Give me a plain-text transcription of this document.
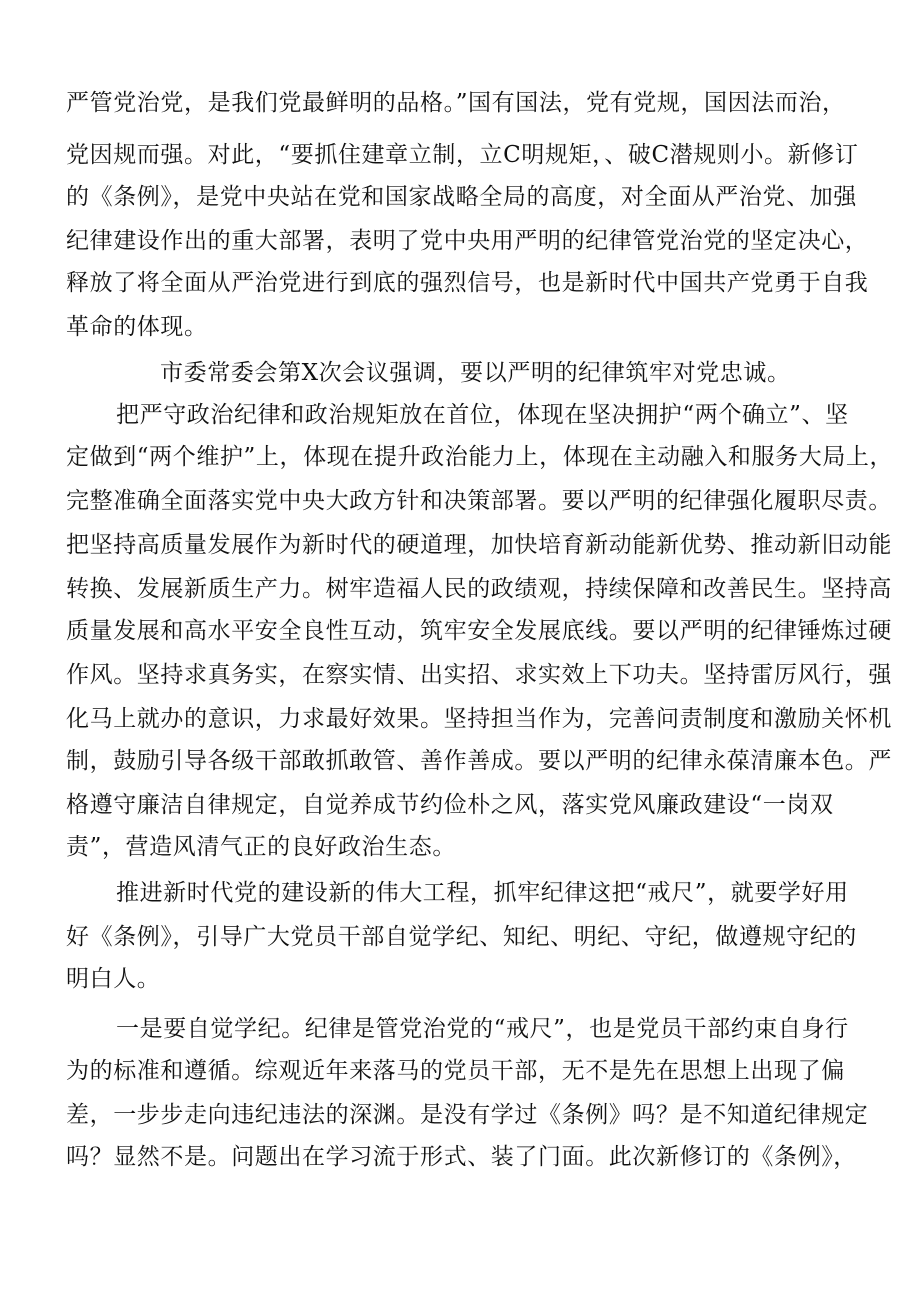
严管党治党，是我们党最鲜明的品格。”国有国法，党有党规，国因法而治，
党因规而强。对此，“要抓住建章立制，立C明规矩，、破C潜规则小。新修订
的《条例》，是党中央站在党和国家战略全局的高度，对全面从严治党、加强
纪律建设作出的重大部署，表明了党中央用严明的纪律管党治党的坚定决心，
释放了将全面从严治党进行到底的强烈信号，也是新时代中国共产党勇于自我
革命的体现。
市委常委会第X次会议强调，要以严明的纪律筑牢对党忠诚。
把严守政治纪律和政治规矩放在首位，体现在坚决拥护“两个确立”、坚
定做到“两个维护”上，体现在提升政治能力上，体现在主动融入和服务大局上，
完整准确全面落实党中央大政方针和决策部署。要以严明的纪律强化履职尽责。
把坚持高质量发展作为新时代的硬道理，加快培育新动能新优势、推动新旧动能
转换、发展新质生产力。树牢造福人民的政绩观，持续保障和改善民生。坚持高
质量发展和高水平安全良性互动，筑牢安全发展底线。要以严明的纪律锤炼过硬
作风。坚持求真务实，在察实情、出实招、求实效上下功夫。坚持雷厉风行，强
化马上就办的意识，力求最好效果。坚持担当作为，完善问责制度和激励关怀机
制，鼓励引导各级干部敢抓敢管、善作善成。要以严明的纪律永葆清廉本色。严
格遵守廉洁自律规定，自觉养成节约俭朴之风，落实党风廉政建设“一岗双
责”，营造风清气正的良好政治生态。
推进新时代党的建设新的伟大工程，抓牢纪律这把“戒尺”，就要学好用
好《条例》，引导广大党员干部自觉学纪、知纪、明纪、守纪，做遵规守纪的
明白人。
一是要自觉学纪。纪律是管党治党的“戒尺”，也是党员干部约束自身行
为的标准和遵循。综观近年来落马的党员干部，无不是先在思想上出现了偏
差，一步步走向违纪违法的深渊。是没有学过《条例》吗？是不知道纪律规定
吗？显然不是。问题出在学习流于形式、装了门面。此次新修订的《条例》，
